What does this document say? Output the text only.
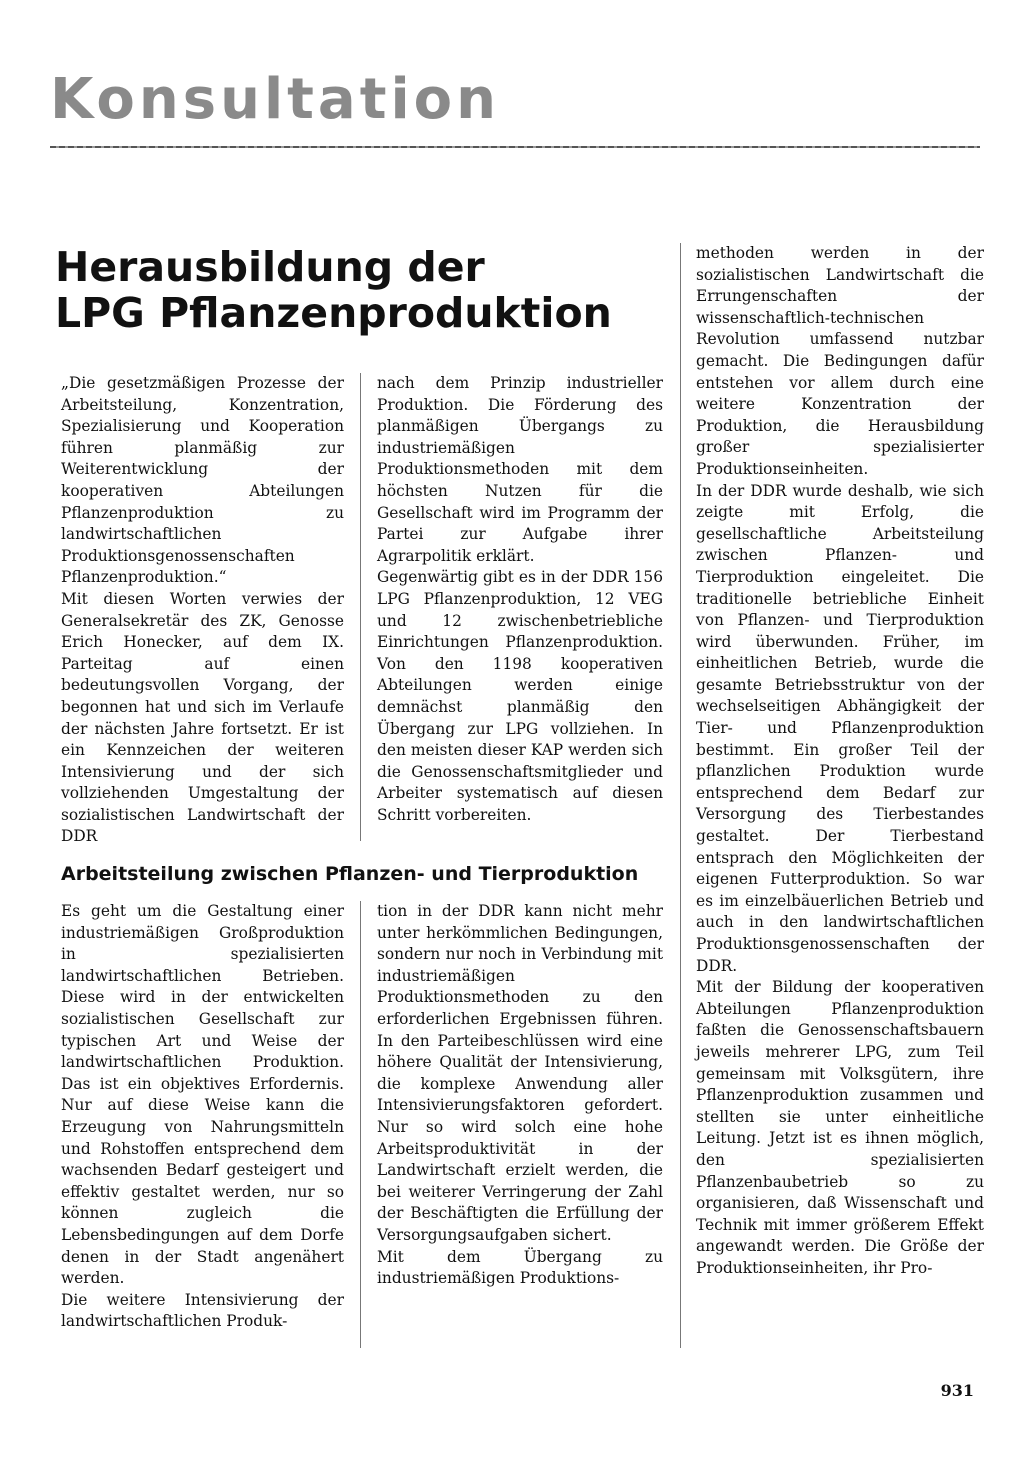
Konsultation
Herausbildung der
LPG Pflanzenproduktion

„Die gesetzmäßigen Prozesse der Arbeitsteilung, Konzentration, Spezialisierung und Kooperation führen planmäßig zur Weiterentwicklung der kooperativen Abteilungen Pflanzenproduktion zu landwirtschaftlichen Produktionsgenossenschaften Pflanzenproduktion.“

Mit diesen Worten verwies der Generalsekretär des ZK, Genosse Erich Honecker, auf dem IX. Parteitag auf einen bedeutungsvollen Vorgang, der begonnen hat und sich im Verlaufe der nächsten Jahre fortsetzt. Er ist ein Kennzeichen der weiteren Intensivierung und der sich vollziehenden Umgestaltung der sozialistischen Landwirtschaft der DDR

nach dem Prinzip industrieller Produktion. Die Förderung des planmäßigen Übergangs zu industriemäßigen Produktionsmethoden mit dem höchsten Nutzen für die Gesellschaft wird im Programm der Partei zur Aufgabe ihrer Agrarpolitik erklärt.

Gegenwärtig gibt es in der DDR 156 LPG Pflanzenproduktion, 12 VEG und 12 zwischenbetriebliche Einrichtungen Pflanzenproduktion. Von den 1198 kooperativen Abteilungen werden einige demnächst planmäßig den Übergang zur LPG vollziehen. In den meisten dieser KAP werden sich die Genossenschaftsmitglieder und Arbeiter systematisch auf diesen Schritt vorbereiten.

methoden werden in der sozialistischen Landwirtschaft die Errungenschaften der wissenschaftlich-technischen Revolution umfassend nutzbar gemacht. Die Bedingungen dafür entstehen vor allem durch eine weitere Konzentration der Produktion, die Herausbildung großer spezialisierter Produktionseinheiten.

In der DDR wurde deshalb, wie sich zeigte mit Erfolg, die gesellschaftliche Arbeitsteilung zwischen Pflanzen- und Tierproduktion eingeleitet. Die traditionelle betriebliche Einheit von Pflanzen- und Tierproduktion wird überwunden. Früher, im einheitlichen Betrieb, wurde die gesamte Betriebsstruktur von der wechselseitigen Abhängigkeit der Tier- und Pflanzenproduktion bestimmt. Ein großer Teil der pflanzlichen Produktion wurde entsprechend dem Bedarf zur Versorgung des Tierbestandes gestaltet. Der Tierbestand entsprach den Möglichkeiten der eigenen Futterproduktion. So war es im einzelbäuerlichen Betrieb und auch in den landwirtschaftlichen Produktionsgenossenschaften der DDR.

Mit der Bildung der kooperativen Abteilungen Pflanzenproduktion faßten die Genossenschaftsbauern jeweils mehrerer LPG, zum Teil gemeinsam mit Volksgütern, ihre Pflanzenproduktion zusammen und stellten sie unter einheitliche Leitung. Jetzt ist es ihnen möglich, den spezialisierten Pflanzenbaubetrieb so zu organisieren, daß Wissenschaft und Technik mit immer größerem Effekt angewandt werden. Die Größe der Produktionseinheiten, ihr Pro-

Arbeitsteilung zwischen Pflanzen- und Tierproduktion

Es geht um die Gestaltung einer industriemäßigen Großproduktion in spezialisierten landwirtschaftlichen Betrieben. Diese wird in der entwickelten sozialistischen Gesellschaft zur typischen Art und Weise der landwirtschaftlichen Produktion. Das ist ein objektives Erfordernis. Nur auf diese Weise kann die Erzeugung von Nahrungsmitteln und Rohstoffen entsprechend dem wachsenden Bedarf gesteigert und effektiv gestaltet werden, nur so können zugleich die Lebensbedingungen auf dem Dorfe denen in der Stadt angenähert werden.

Die weitere Intensivierung der landwirtschaftlichen Produk-

tion in der DDR kann nicht mehr unter herkömmlichen Bedingungen, sondern nur noch in Verbindung mit industriemäßigen Produktionsmethoden zu den erforderlichen Ergebnissen führen. In den Parteibeschlüssen wird eine höhere Qualität der Intensivierung, die komplexe Anwendung aller Intensivierungsfaktoren gefordert. Nur so wird solch eine hohe Arbeitsproduktivität in der Landwirtschaft erzielt werden, die bei weiterer Verringerung der Zahl der Beschäftigten die Erfüllung der Versorgungsaufgaben sichert.

Mit dem Übergang zu industriemäßigen Produktions-

931
